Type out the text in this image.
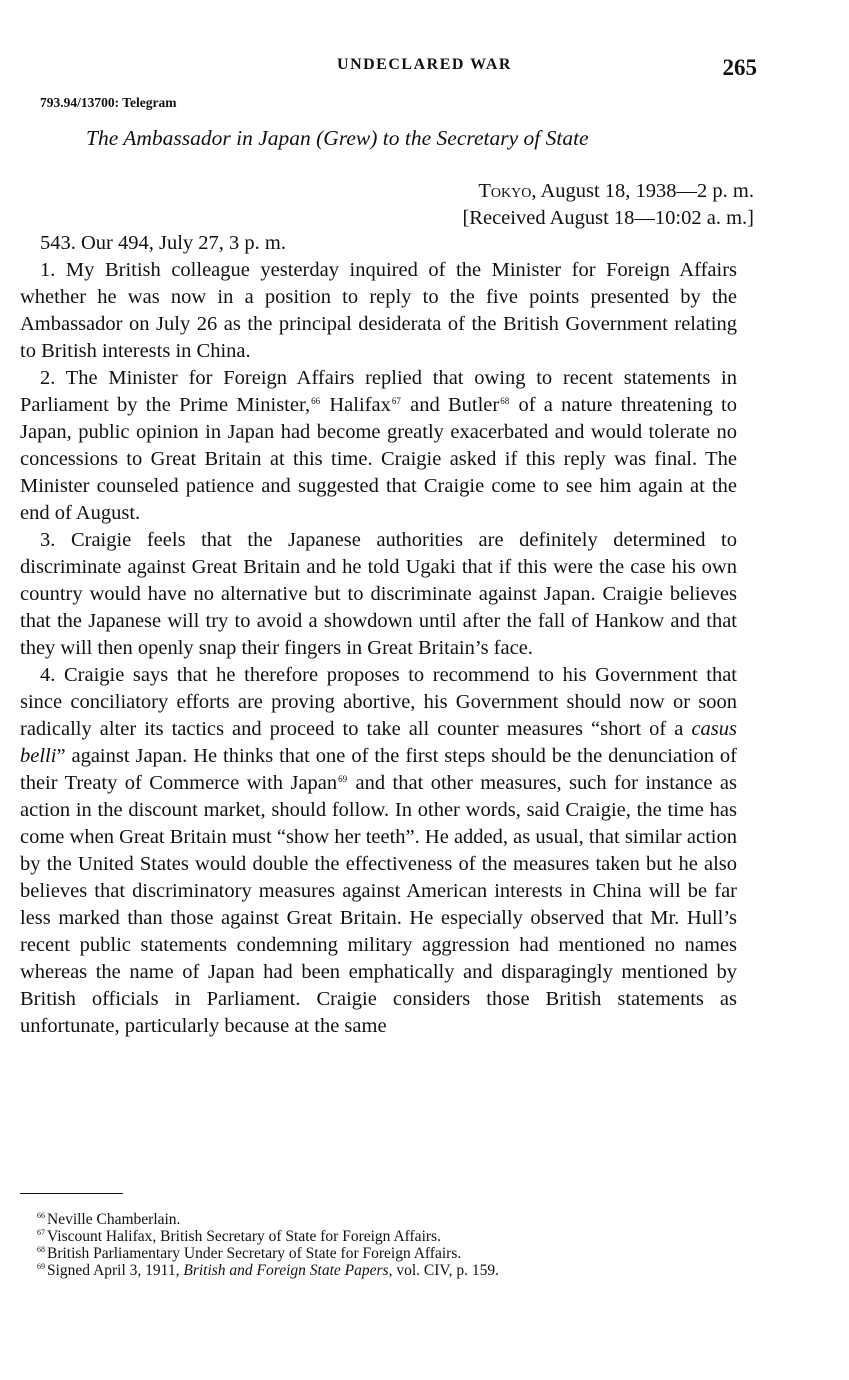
UNDECLARED WAR	265
793.94/13700: Telegram
The Ambassador in Japan (Grew) to the Secretary of State
Tokyo, August 18, 1938—2 p. m.
[Received August 18—10:02 a. m.]

543. Our 494, July 27, 3 p. m.

1. My British colleague yesterday inquired of the Minister for Foreign Affairs whether he was now in a position to reply to the five points presented by the Ambassador on July 26 as the principal desiderata of the British Government relating to British interests in China.

2. The Minister for Foreign Affairs replied that owing to recent statements in Parliament by the Prime Minister,$^{66}$ Halifax$^{67}$ and Butler$^{68}$ of a nature threatening to Japan, public opinion in Japan had become greatly exacerbated and would tolerate no concessions to Great Britain at this time. Craigie asked if this reply was final. The Minister counseled patience and suggested that Craigie come to see him again at the end of August.

3. Craigie feels that the Japanese authorities are definitely determined to discriminate against Great Britain and he told Ugaki that if this were the case his own country would have no alternative but to discriminate against Japan. Craigie believes that the Japanese will try to avoid a showdown until after the fall of Hankow and that they will then openly snap their fingers in Great Britain’s face.

4. Craigie says that he therefore proposes to recommend to his Government that since conciliatory efforts are proving abortive, his Government should now or soon radically alter its tactics and proceed to take all counter measures “short of a casus belli” against Japan. He thinks that one of the first steps should be the denunciation of their Treaty of Commerce with Japan$^{69}$ and that other measures, such for instance as action in the discount market, should follow. In other words, said Craigie, the time has come when Great Britain must “show her teeth”. He added, as usual, that similar action by the United States would double the effectiveness of the measures taken but he also believes that discriminatory measures against American interests in China will be far less marked than those against Great Britain. He especially observed that Mr. Hull’s recent public statements condemning military aggression had mentioned no names whereas the name of Japan had been emphatically and disparagingly mentioned by British officials in Parliament. Craigie considers those British statements as unfortunate, particularly because at the same

$^{66}$ Neville Chamberlain.

$^{67}$ Viscount Halifax, British Secretary of State for Foreign Affairs.

$^{68}$ British Parliamentary Under Secretary of State for Foreign Affairs.

$^{69}$ Signed April 3, 1911, British and Foreign State Papers, vol. CIV, p. 159.
